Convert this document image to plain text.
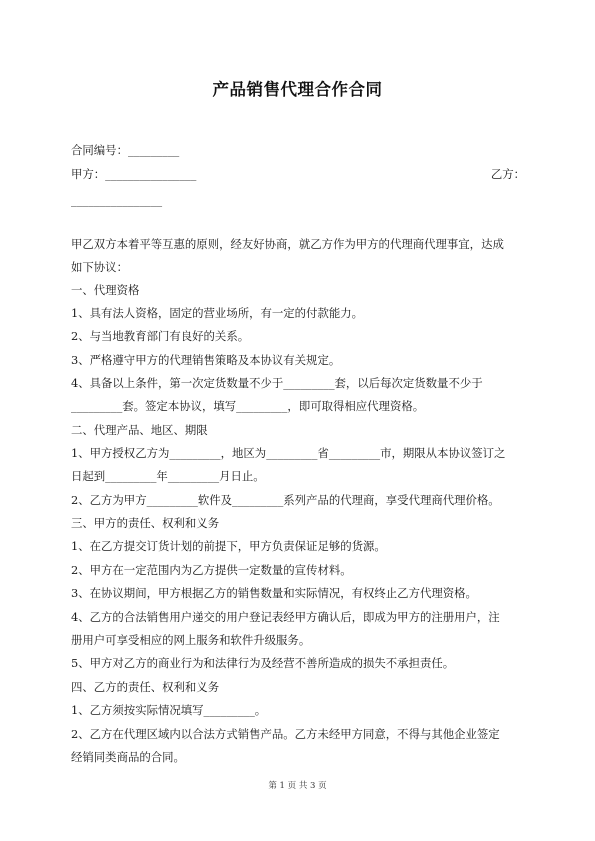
产品销售代理合作合同
合同编号：_________
甲方：________________	乙方：
________________
甲乙双方本着平等互惠的原则，经友好协商，就乙方作为甲方的代理商代理事宜，达成
如下协议：
一、代理资格
1、具有法人资格，固定的营业场所，有一定的付款能力。
2、与当地教育部门有良好的关系。
3、严格遵守甲方的代理销售策略及本协议有关规定。
4、具备以上条件，第一次定货数量不少于_________套，以后每次定货数量不少于
_________套。签定本协议，填写_________，即可取得相应代理资格。
二、代理产品、地区、期限
1、甲方授权乙方为_________，地区为_________省_________市，期限从本协议签订之
日起到_________年_________月日止。
2、乙方为甲方_________软件及_________系列产品的代理商，享受代理商代理价格。
三、甲方的责任、权利和义务
1、在乙方提交订货计划的前提下，甲方负责保证足够的货源。
2、甲方在一定范围内为乙方提供一定数量的宣传材料。
3、在协议期间，甲方根据乙方的销售数量和实际情况，有权终止乙方代理资格。
4、乙方的合法销售用户递交的用户登记表经甲方确认后，即成为甲方的注册用户，注
册用户可享受相应的网上服务和软件升级服务。
5、甲方对乙方的商业行为和法律行为及经营不善所造成的损失不承担责任。
四、乙方的责任、权利和义务
1、乙方须按实际情况填写_________。
2、乙方在代理区域内以合法方式销售产品。乙方未经甲方同意，不得与其他企业签定
经销同类商品的合同。
第 1 页 共 3 页
